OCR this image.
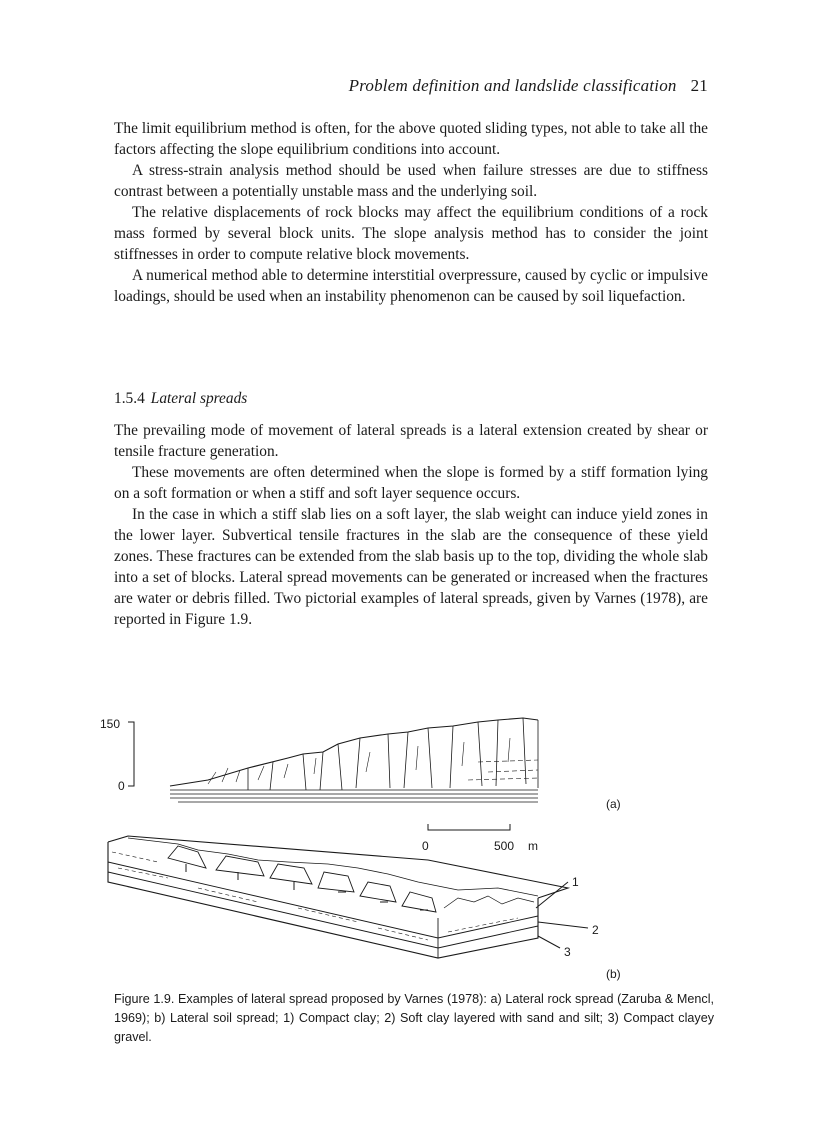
Problem definition and landslide classification 21

The limit equilibrium method is often, for the above quoted sliding types, not able to take all the factors affecting the slope equilibrium conditions into account.

A stress-strain analysis method should be used when failure stresses are due to stiffness contrast between a potentially unstable mass and the underlying soil.

The relative displacements of rock blocks may affect the equilibrium conditions of a rock mass formed by several block units. The slope analysis method has to consider the joint stiffnesses in order to compute relative block movements.

A numerical method able to determine interstitial overpressure, caused by cyclic or impulsive loadings, should be used when an instability phenomenon can be caused by soil liquefaction.

1.5.4 Lateral spreads

The prevailing mode of movement of lateral spreads is a lateral extension created by shear or tensile fracture generation.

These movements are often determined when the slope is formed by a stiff formation lying on a soft formation or when a stiff and soft layer sequence occurs.

In the case in which a stiff slab lies on a soft layer, the slab weight can induce yield zones in the lower layer. Subvertical tensile fractures in the slab are the consequence of these yield zones. These fractures can be extended from the slab basis up to the top, dividing the whole slab into a set of blocks. Lateral spread movements can be generated or increased when the fractures are water or debris filled. Two pictorial examples of lateral spreads, given by Varnes (1978), are reported in Figure 1.9.

150
0
(a)
0	500 m
1
2
3
(b)
Figure 1.9. Examples of lateral spread proposed by Varnes (1978): a) Lateral rock spread (Zaruba & Mencl, 1969); b) Lateral soil spread; 1) Compact clay; 2) Soft clay layered with sand and silt; 3) Compact clayey gravel.
